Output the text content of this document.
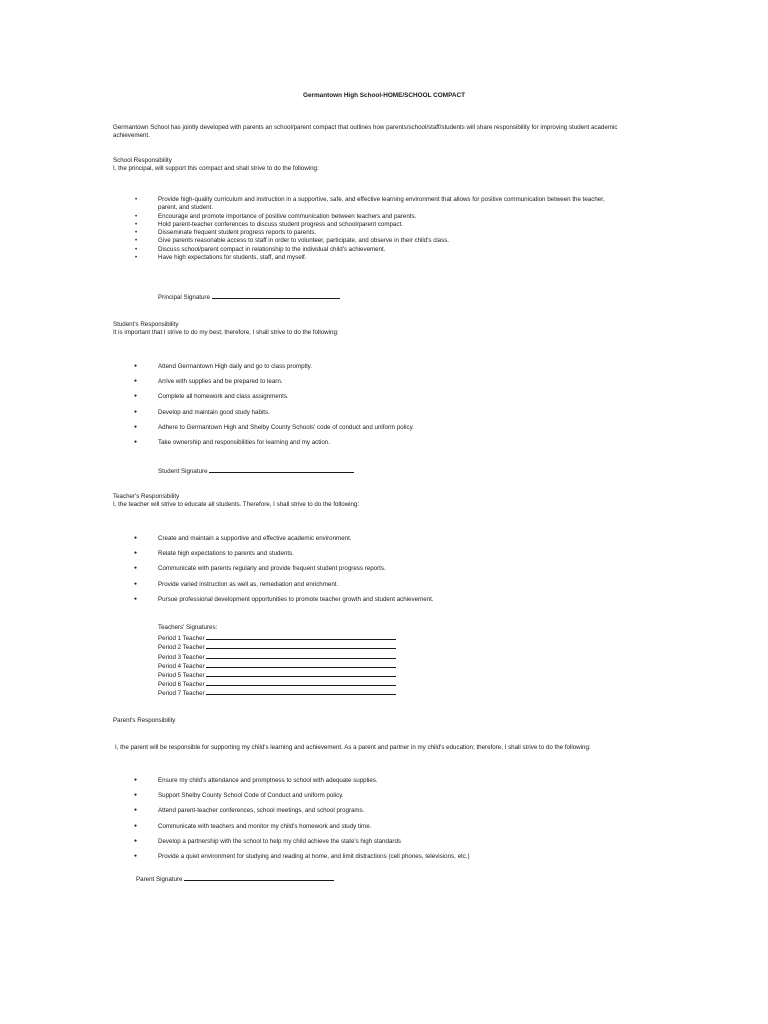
Germantown High School-HOME/SCHOOL COMPACT
Germantown School has jointly developed with parents an school/parent compact that outlines how parents/school/staff/students will share responsibility for improving student academic achievement.
School Responsibility
I, the principal, will support this compact and shall strive to do the following:
• Provide high-quality curriculum and instruction in a supportive, safe, and effective learning environment that allows for positive communication between the teacher, parent, and student.
• Encourage and promote importance of positive communication between teachers and parents.
• Hold parent-teacher conferences to discuss student progress and school/parent compact.
• Disseminate frequent student progress reports to parents.
• Give parents reasonable access to staff in order to volunteer, participate, and observe in their child's class.
• Discuss school/parent compact in relationship to the individual child's achievement.
• Have high expectations for students, staff, and myself.
Principal Signature
Student's Responsibility
It is important that I strive to do my best; therefore, I shall strive to do the following:
● Attend Germantown High daily and go to class promptly.
● Arrive with supplies and be prepared to learn.
● Complete all homework and class assignments.
● Develop and maintain good study habits.
● Adhere to Germantown High and Shelby County Schools' code of conduct and uniform policy.
● Take ownership and responsibilities for learning and my action.
Student Signature
Teacher's Responsibility
I, the teacher will strive to educate all students. Therefore, I shall strive to do the following:
● Create and maintain a supportive and effective academic environment.
● Relate high expectations to parents and students.
● Communicate with parents regularly and provide frequent student progress reports.
● Provide varied instruction as well as, remediation and enrichment.
● Pursue professional development opportunities to promote teacher growth and student achievement.
Teachers' Signatures:
Period 1 Teacher
Period 2 Teacher
Period 3 Teacher
Period 4 Teacher
Period 5 Teacher
Period 6 Teacher
Period 7 Teacher
Parent's Responsibility
I, the parent will be responsible for supporting my child's learning and achievement. As a parent and partner in my child's education; therefore, I shall strive to do the following:
● Ensure my child's attendance and promptness to school with adequate supplies.
● Support Shelby County School Code of Conduct and uniform policy.
● Attend parent-teacher conferences, school meetings, and school programs.
● Communicate with teachers and monitor my child's homework and study time.
● Develop a partnership with the school to help my child achieve the state's high standards
● Provide a quiet environment for studying and reading at home, and limit distractions (cell phones, televisions, etc.)
Parent Signature
